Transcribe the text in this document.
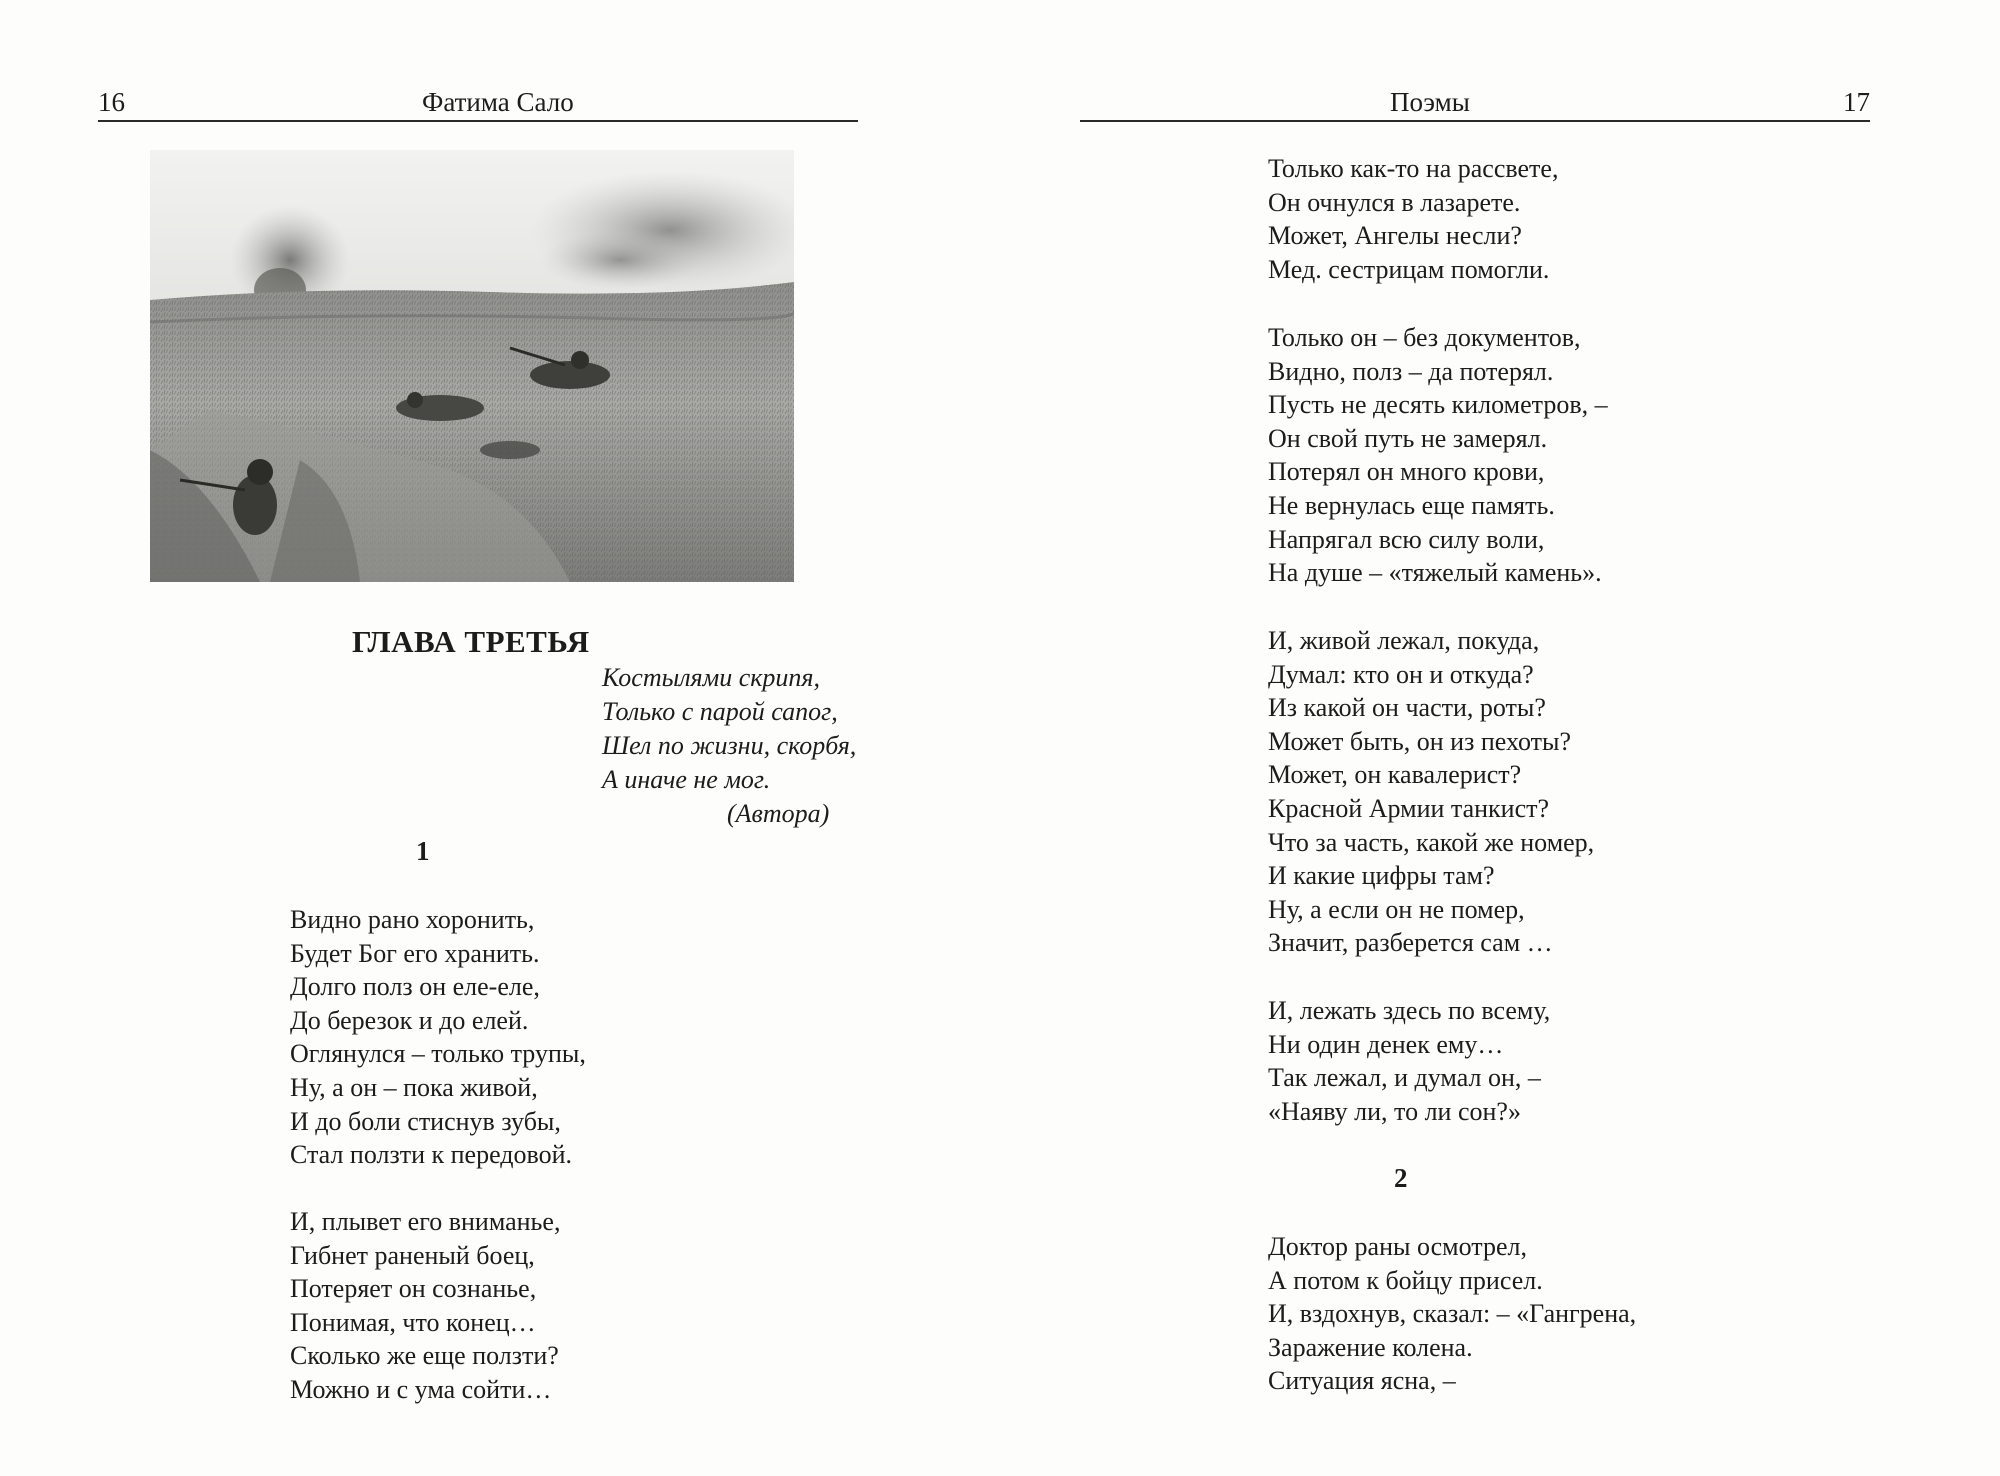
16	Фатима Сало
ГЛАВА ТРЕТЬЯ
Костылями скрипя,
Только с парой сапог,
Шел по жизни, скорбя,
А иначе не мог.
(Автора)
1
Видно рано хоронить,
Будет Бог его хранить.
Долго полз он еле-еле,
До березок и до елей.
Оглянулся – только трупы,
Ну, а он – пока живой,
И до боли стиснув зубы,
Стал ползти к передовой.
И, плывет его вниманье,
Гибнет раненый боец,
Потеряет он сознанье,
Понимая, что конец…
Сколько же еще ползти?
Можно и с ума сойти…
Поэмы	17
Только как-то на рассвете,
Он очнулся в лазарете.
Может, Ангелы несли?
Мед. сестрицам помогли.
Только он – без документов,
Видно, полз – да потерял.
Пусть не десять километров, –
Он свой путь не замерял.
Потерял он много крови,
Не вернулась еще память.
Напрягал всю силу воли,
На душе – «тяжелый камень».
И, живой лежал, покуда,
Думал: кто он и откуда?
Из какой он части, роты?
Может быть, он из пехоты?
Может, он кавалерист?
Красной Армии танкист?
Что за часть, какой же номер,
И какие цифры там?
Ну, а если он не помер,
Значит, разберется сам …
И, лежать здесь по всему,
Ни один денек ему…
Так лежал, и думал он, –
«Наяву ли, то ли сон?»
2
Доктор раны осмотрел,
А потом к бойцу присел.
И, вздохнув, сказал: – «Гангрена,
Заражение колена.
Ситуация ясна, –
